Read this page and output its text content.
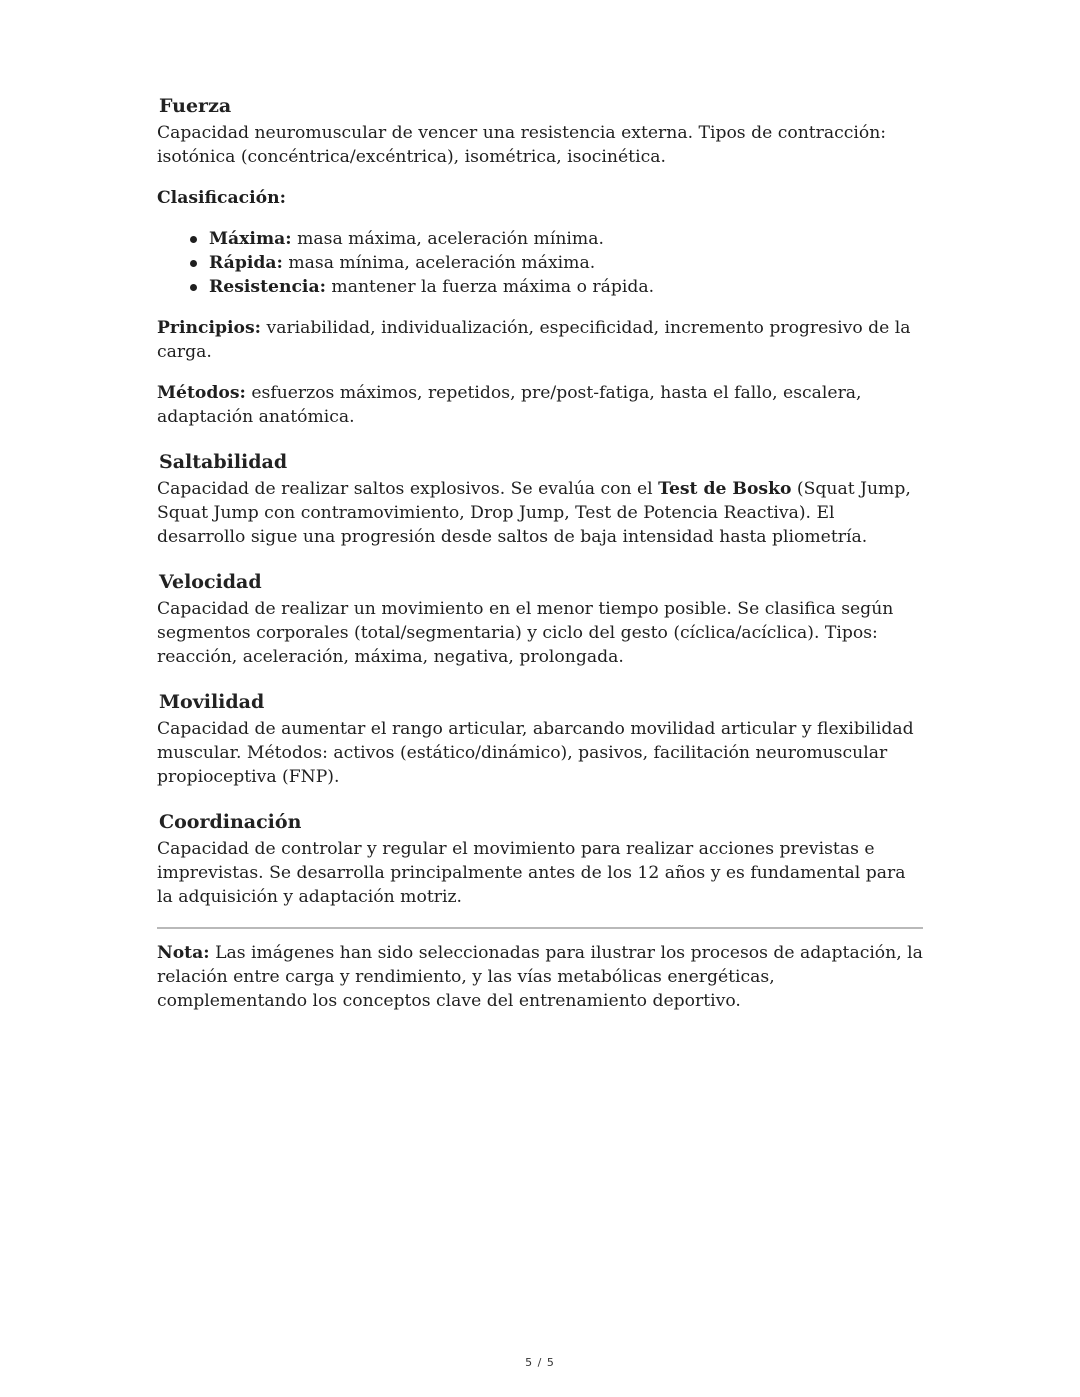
Fuerza

Capacidad neuromuscular de vencer una resistencia externa. Tipos de contracción: isotónica (concéntrica/excéntrica), isométrica, isocinética.

Clasificación:

Máxima: masa máxima, aceleración mínima.
Rápida: masa mínima, aceleración máxima.
Resistencia: mantener la fuerza máxima o rápida.

Principios: variabilidad, individualización, especificidad, incremento progresivo de la carga.

Métodos: esfuerzos máximos, repetidos, pre/post-fatiga, hasta el fallo, escalera, adaptación anatómica.

Saltabilidad

Capacidad de realizar saltos explosivos. Se evalúa con el Test de Bosko (Squat Jump, Squat Jump con contramovimiento, Drop Jump, Test de Potencia Reactiva). El desarrollo sigue una progresión desde saltos de baja intensidad hasta pliometría.

Velocidad

Capacidad de realizar un movimiento en el menor tiempo posible. Se clasifica según segmentos corporales (total/segmentaria) y ciclo del gesto (cíclica/acíclica). Tipos: reacción, aceleración, máxima, negativa, prolongada.

Movilidad

Capacidad de aumentar el rango articular, abarcando movilidad articular y flexibilidad muscular. Métodos: activos (estático/dinámico), pasivos, facilitación neuromuscular propioceptiva (FNP).

Coordinación

Capacidad de controlar y regular el movimiento para realizar acciones previstas e imprevistas. Se desarrolla principalmente antes de los 12 años y es fundamental para la adquisición y adaptación motriz.

Nota: Las imágenes han sido seleccionadas para ilustrar los procesos de adaptación, la relación entre carga y rendimiento, y las vías metabólicas energéticas, complementando los conceptos clave del entrenamiento deportivo.

5 / 5
